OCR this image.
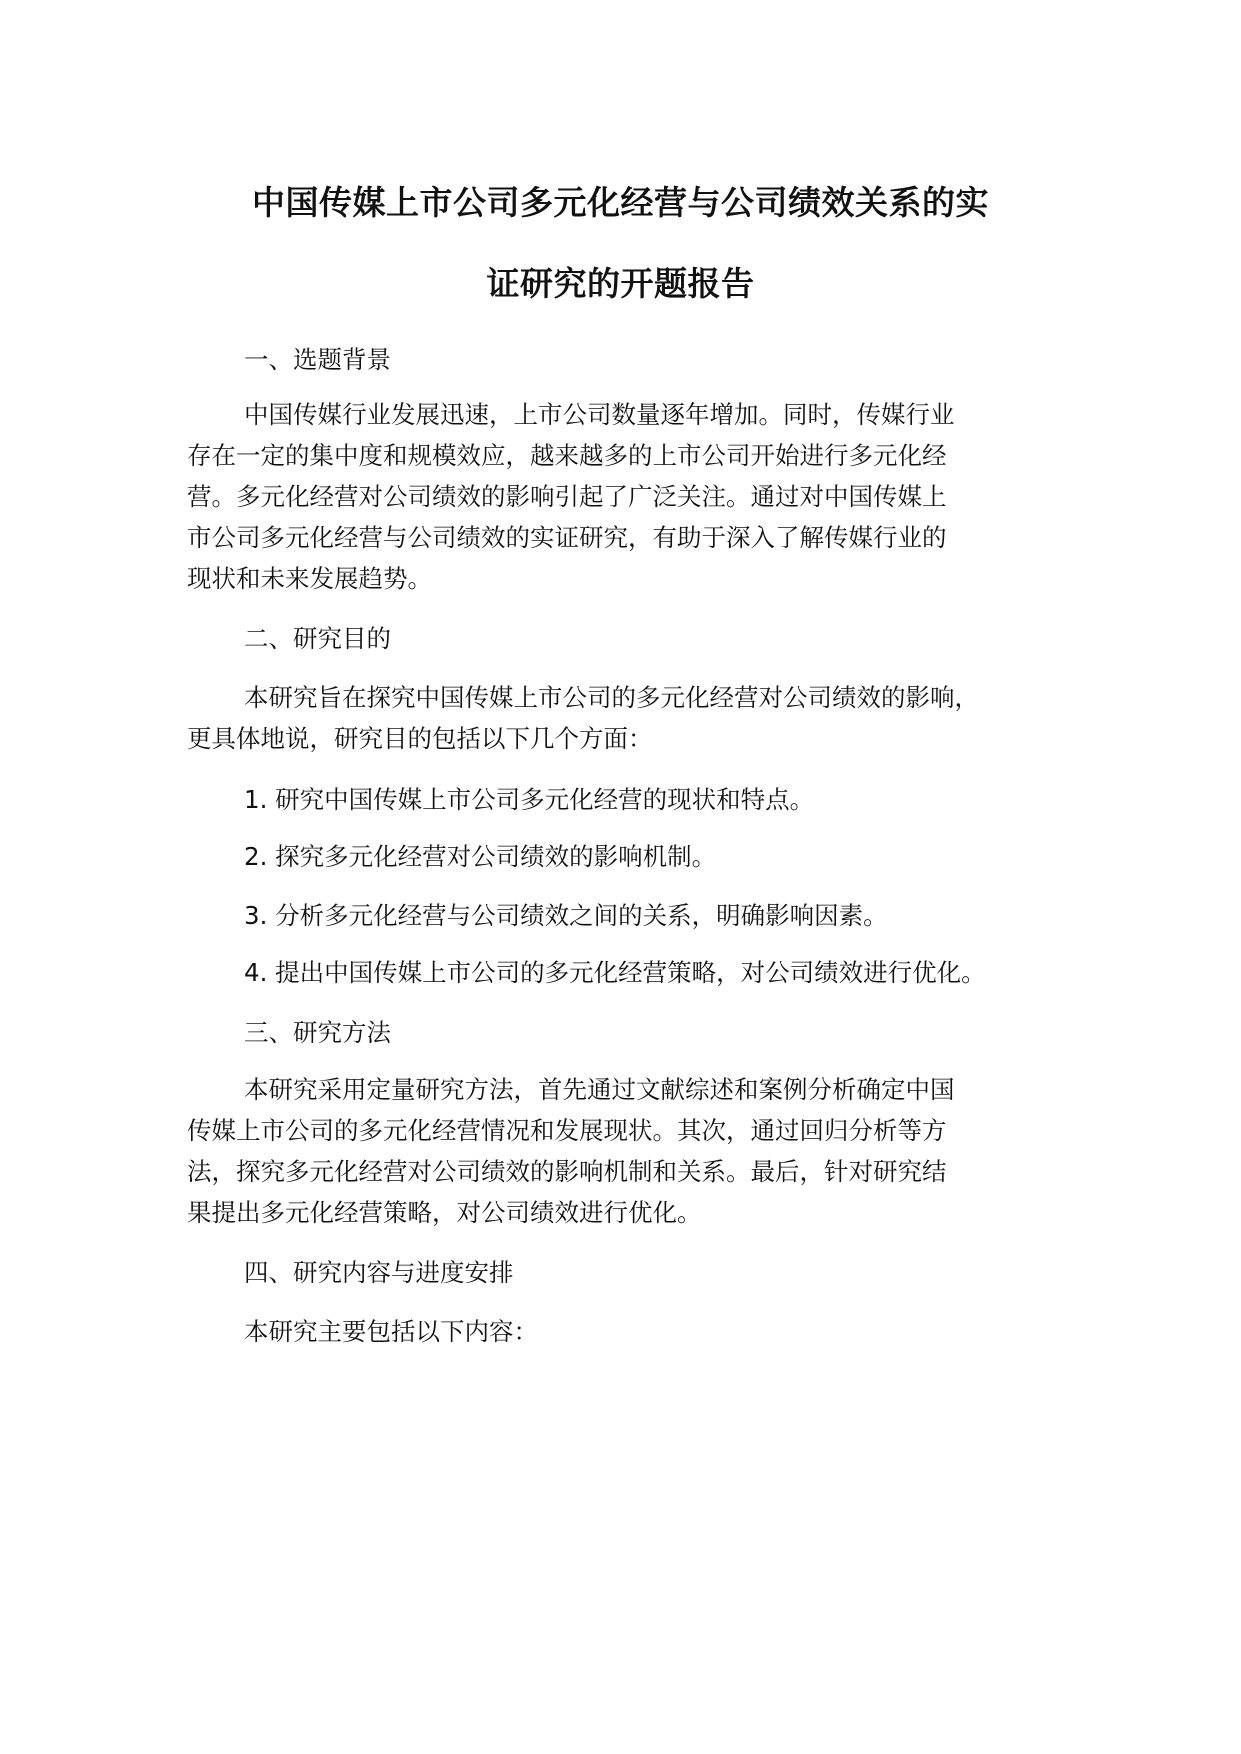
中国传媒上市公司多元化经营与公司绩效关系的实
证研究的开题报告
一、选题背景
中国传媒行业发展迅速，上市公司数量逐年增加。同时，传媒行业
存在一定的集中度和规模效应，越来越多的上市公司开始进行多元化经
营。多元化经营对公司绩效的影响引起了广泛关注。通过对中国传媒上
市公司多元化经营与公司绩效的实证研究，有助于深入了解传媒行业的
现状和未来发展趋势。
二、研究目的
本研究旨在探究中国传媒上市公司的多元化经营对公司绩效的影响，
更具体地说，研究目的包括以下几个方面：
1. 研究中国传媒上市公司多元化经营的现状和特点。
2. 探究多元化经营对公司绩效的影响机制。
3. 分析多元化经营与公司绩效之间的关系，明确影响因素。
4. 提出中国传媒上市公司的多元化经营策略，对公司绩效进行优化。
三、研究方法
本研究采用定量研究方法，首先通过文献综述和案例分析确定中国
传媒上市公司的多元化经营情况和发展现状。其次，通过回归分析等方
法，探究多元化经营对公司绩效的影响机制和关系。最后，针对研究结
果提出多元化经营策略，对公司绩效进行优化。
四、研究内容与进度安排
本研究主要包括以下内容：
